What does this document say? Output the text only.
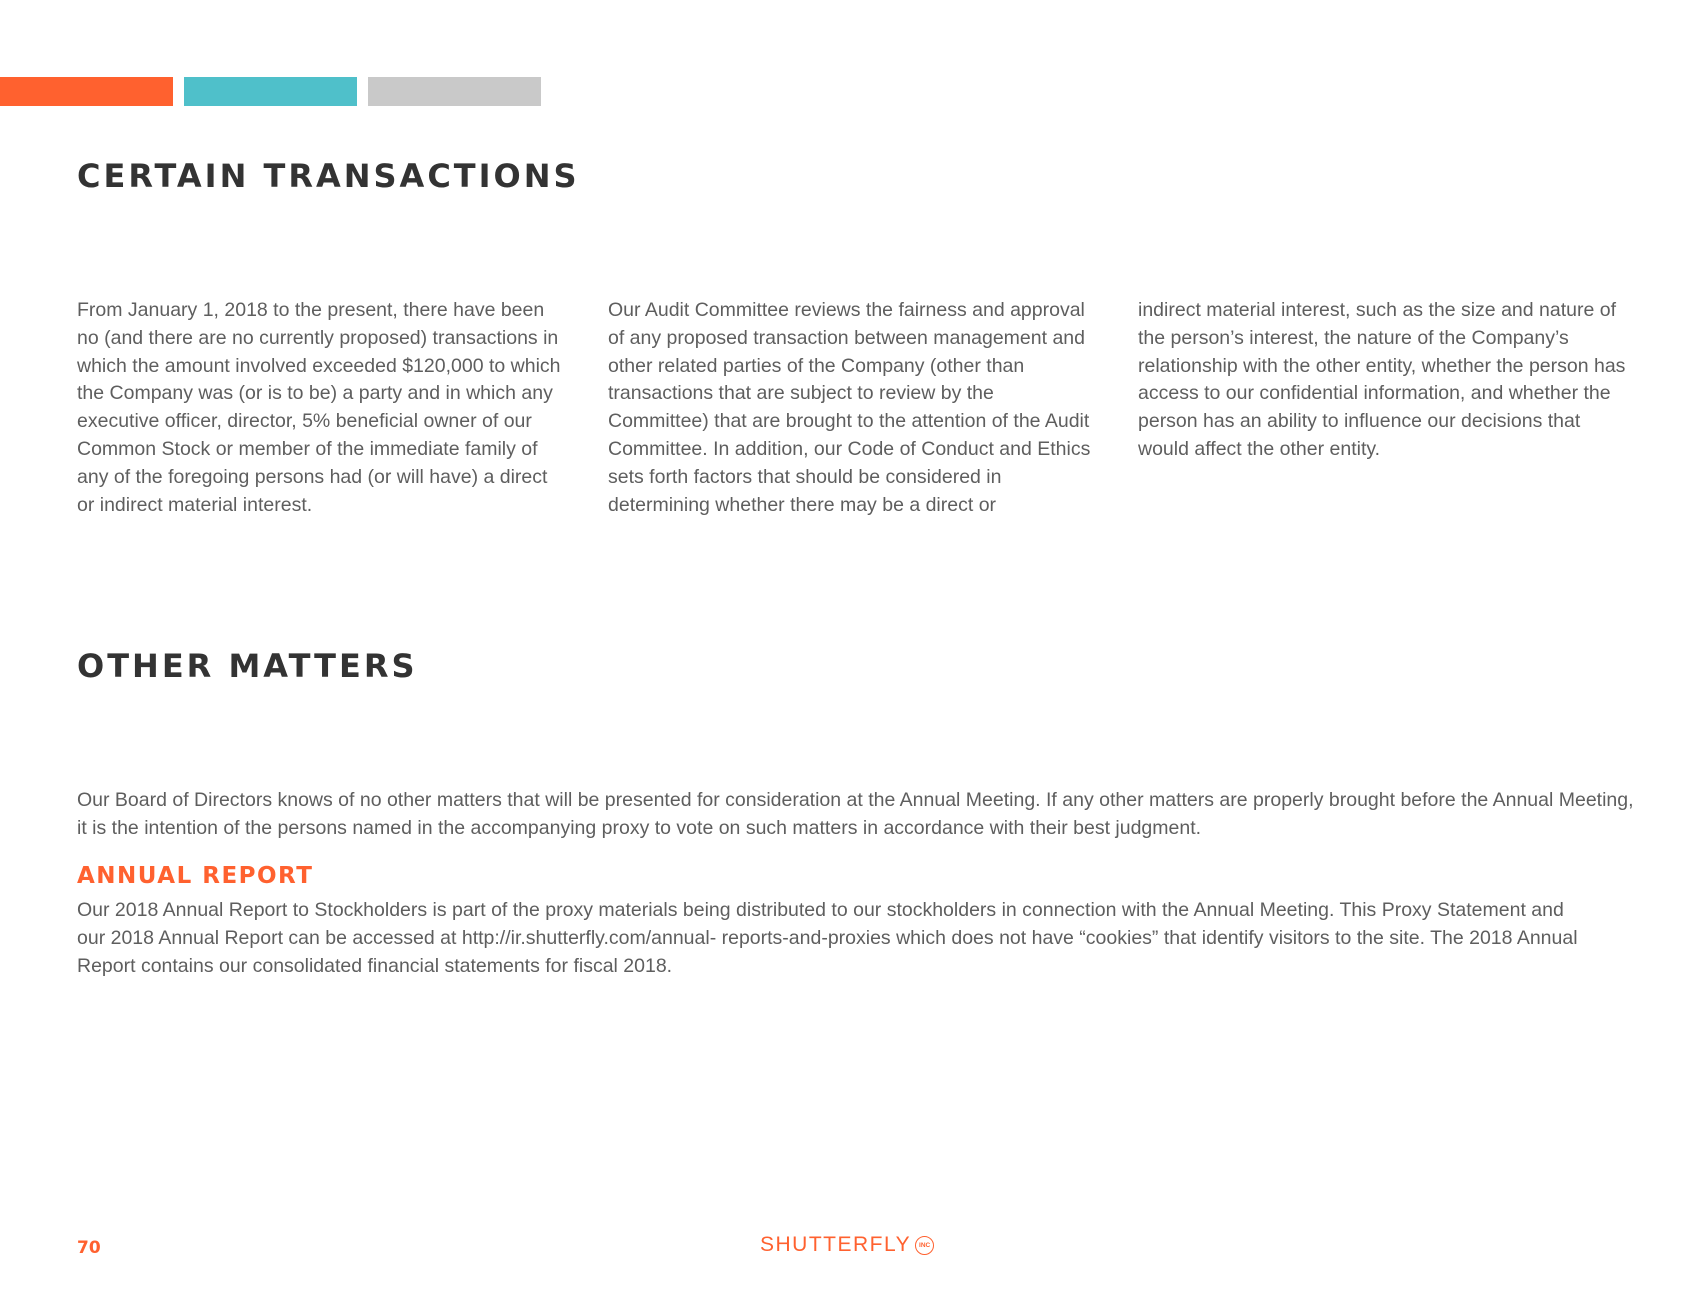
CERTAIN TRANSACTIONS

From January 1, 2018 to the present, there have been no (and there are no currently proposed) transactions in which the amount involved exceeded $120,000 to which the Company was (or is to be) a party and in which any executive officer, director, 5% beneficial owner of our Common Stock or member of the immediate family of any of the foregoing persons had (or will have) a direct or indirect material interest.

Our Audit Committee reviews the fairness and approval of any proposed transaction between management and other related parties of the Company (other than transactions that are subject to review by the Committee) that are brought to the attention of the Audit Committee. In addition, our Code of Conduct and Ethics sets forth factors that should be considered in determining whether there may be a direct or

indirect material interest, such as the size and nature of the person’s interest, the nature of the Company’s relationship with the other entity, whether the person has access to our confidential information, and whether the person has an ability to influence our decisions that would affect the other entity.

OTHER MATTERS

Our Board of Directors knows of no other matters that will be presented for consideration at the Annual Meeting. If any other matters are properly brought before the Annual Meeting, it is the intention of the persons named in the accompanying proxy to vote on such matters in accordance with their best judgment.

ANNUAL REPORT

Our 2018 Annual Report to Stockholders is part of the proxy materials being distributed to our stockholders in connection with the Annual Meeting. This Proxy Statement and our 2018 Annual Report can be accessed at http://ir.shutterfly.com/annual- reports-and-proxies which does not have “cookies” that identify visitors to the site. The 2018 Annual Report contains our consolidated financial statements for fiscal 2018.

70	SHUTTERFLY	INC
